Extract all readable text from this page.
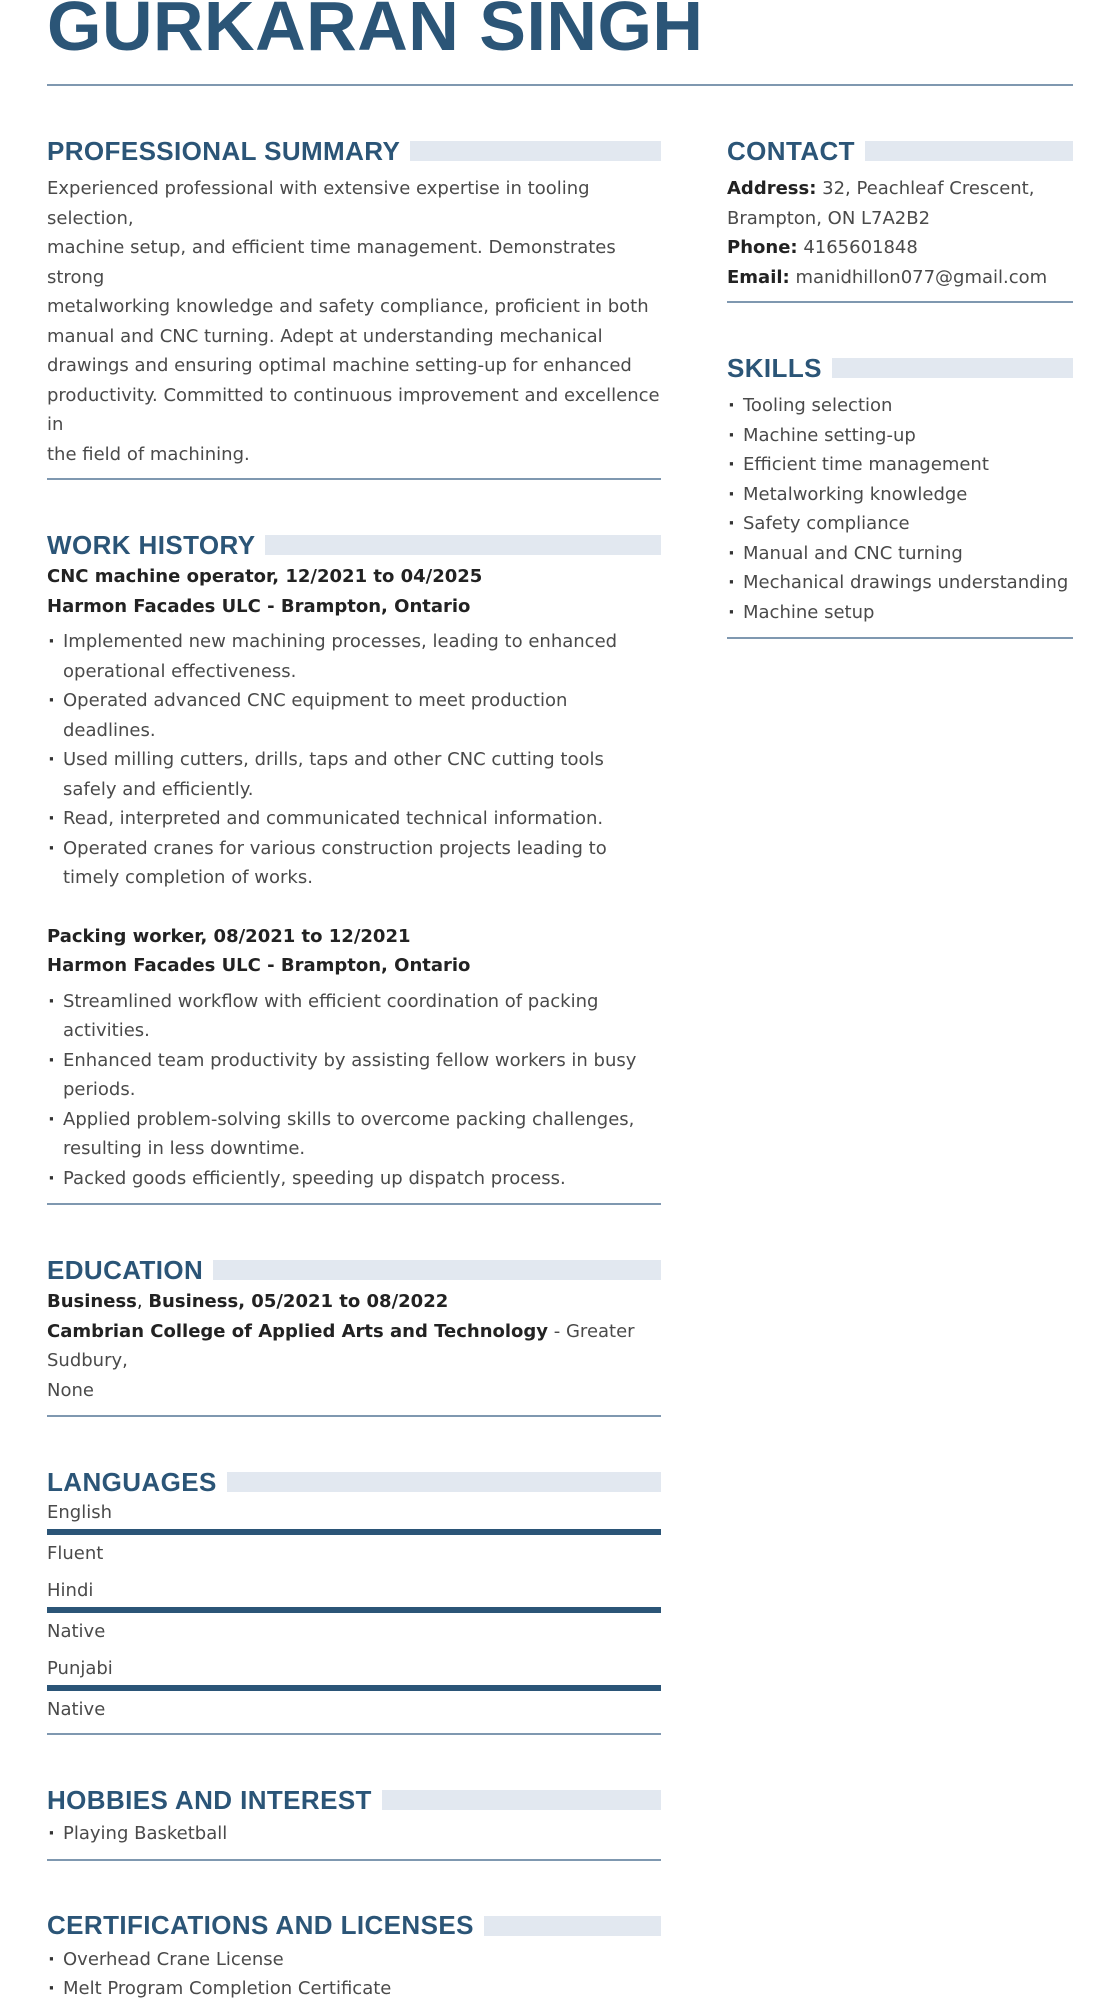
GURKARAN SINGH
PROFESSIONAL SUMMARY
Experienced professional with extensive expertise in tooling selection,
machine setup, and efficient time management. Demonstrates strong
metalworking knowledge and safety compliance, proficient in both
manual and CNC turning. Adept at understanding mechanical
drawings and ensuring optimal machine setting-up for enhanced
productivity. Committed to continuous improvement and excellence in
the field of machining.
WORK HISTORY
CNC machine operator, 12/2021 to 04/2025
Harmon Facades ULC - Brampton, Ontario
· Implemented new machining processes, leading to enhanced operational effectiveness.
· Operated advanced CNC equipment to meet production deadlines.
· Used milling cutters, drills, taps and other CNC cutting tools safely and efficiently.
· Read, interpreted and communicated technical information.
· Operated cranes for various construction projects leading to timely completion of works.
Packing worker, 08/2021 to 12/2021
Harmon Facades ULC - Brampton, Ontario
· Streamlined workflow with efficient coordination of packing activities.
· Enhanced team productivity by assisting fellow workers in busy periods.
· Applied problem-solving skills to overcome packing challenges, resulting in less downtime.
· Packed goods efficiently, speeding up dispatch process.
EDUCATION
Business, Business, 05/2021 to 08/2022
Cambrian College of Applied Arts and Technology - Greater Sudbury,
None
LANGUAGES
English
Fluent
Hindi
Native
Punjabi
Native
HOBBIES AND INTEREST
· Playing Basketball
CERTIFICATIONS AND LICENSES
· Overhead Crane License
· Melt Program Completion Certificate
CONTACT
Address: 32, Peachleaf Crescent,
Brampton, ON L7A2B2
Phone: 4165601848
Email: manidhillon077@gmail.com
SKILLS
· Tooling selection
· Machine setting-up
· Efficient time management
· Metalworking knowledge
· Safety compliance
· Manual and CNC turning
· Mechanical drawings understanding
· Machine setup
